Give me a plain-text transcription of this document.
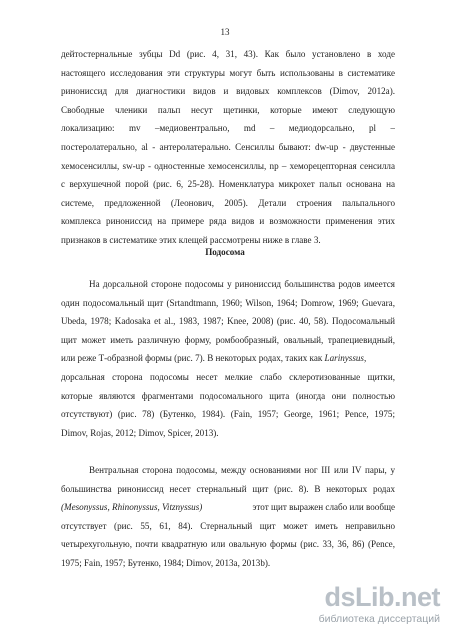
13
дейтостернальные зубцы Dd (рис. 4, 31, 43). Как было установлено в ходе
настоящего исследования эти структуры могут быть использованы в систематике
ринониссид для диагностики видов и видовых комплексов (Dimov, 2012а).
Свободные членики пальп несут щетинки, которые имеют следующую
локализацию: mv –медиовентрально, md – медиодорсально, pl –
постеролатерально, al - антеролатерально. Сенсиллы бывают: dw-up - двустенные
хемосенсиллы, sw-up - одностенные хемосенсиллы, np – хеморецепторная сенсилла
с верхушечной порой (рис. 6, 25-28). Номенклатура микрохет пальп основана на
системе, предложенной (Леонович, 2005). Детали строения пальпального
комплекса ринониссид на примере ряда видов и возможности применения этих
признаков в систематике этих клещей рассмотрены ниже в главе 3.
Подосома
На дорсальной стороне подосомы у ринониссид большинства родов имеется
один подосомальный щит (Srtandtmann, 1960; Wilson, 1964; Domrow, 1969; Guevara,
Ubeda, 1978; Kadosaka et al., 1983, 1987; Knee, 2008) (рис. 40, 58). Подосомальный
щит может иметь различную форму, ромбообразный, овальный, трапециевидный,
или реже Т-образной формы (рис. 7). В некоторых родах, таких как Larinyssus,
дорсальная сторона подосомы несет мелкие слабо склеротизованные щитки,
которые являются фрагментами подосомального щита (иногда они полностью
отсутствуют) (рис. 78) (Бутенко, 1984). (Fain, 1957; George, 1961; Pence, 1975;
Dimov, Rojas, 2012; Dimov, Spicer, 2013).
Вентральная сторона подосомы, между основаниями ног III или IV пары, у
большинства ринониссид несет стернальный щит (рис. 8). В некоторых родах
(Mesonyssus, Rhinonyssus, Vitznyssus)	этот щит выражен слабо или вообще
отсутствует (рис. 55, 61, 84). Стернальный щит может иметь неправильно
четырехугольную, почти квадратную или овальную формы (рис. 33, 36, 86) (Pence,
1975; Fain, 1957; Бутенко, 1984; Dimov, 2013а, 2013b).
dsLib.net
библиотека диссертаций
